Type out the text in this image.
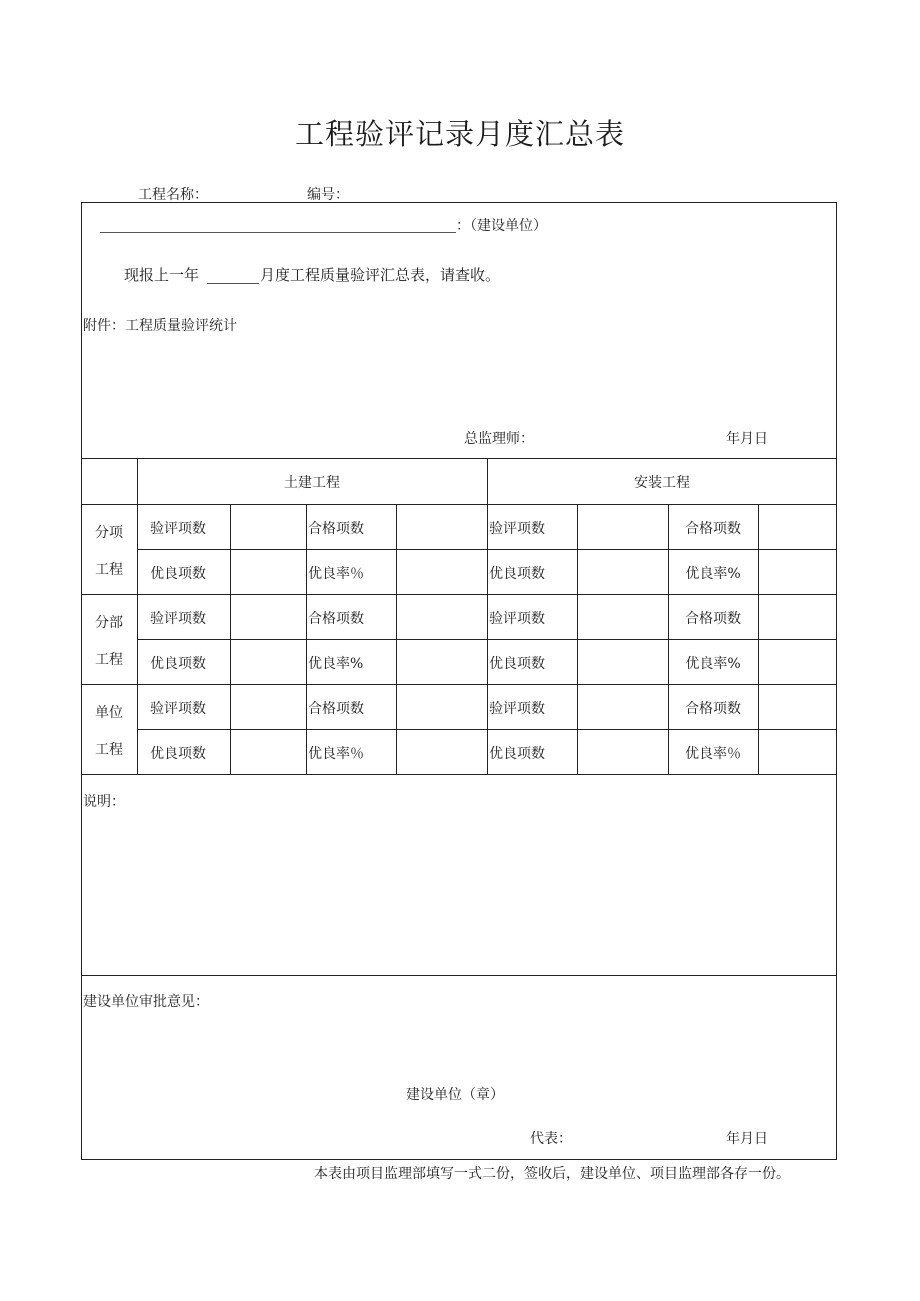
工程验评记录月度汇总表
工程名称：	编号：
：（建设单位）
现报上一年	月度工程质量验评汇总表，请查收。
附件：工程质量验评统计
总监理师：	年月日
土建工程	安装工程
分项
工程
验评项数	合格项数	验评项数	合格项数
优良项数	优良率％	优良项数	优良率%
分部
工程
验评项数	合格项数	验评项数	合格项数
优良项数	优良率%	优良项数	优良率%
单位
工程
验评项数	合格项数	验评项数	合格项数
优良项数	优良率％	优良项数	优良率％
说明：
建设单位审批意见：
建设单位（章）
代表：	年月日
本表由项目监理部填写一式二份，签收后，建设单位、项目监理部各存一份。
